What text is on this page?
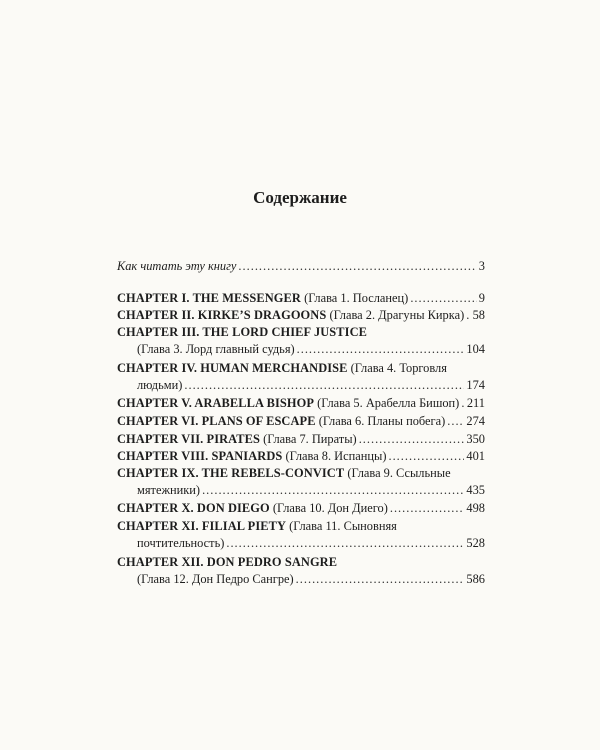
Содержание
Как читать эту книгу .....	3
CHAPTER I. THE MESSENGER
(Глава 1. Посланец) .....	9
CHAPTER II. KIRKE’S DRAGOONS
(Глава 2. Драгуны Кирка) ..... 58
CHAPTER III. THE LORD CHIEF JUSTICE
(Глава 3. Лорд главный судья) .....	104
CHAPTER IV. HUMAN MERCHANDISE
(Глава 4. Торговля
людьми) .....	174
CHAPTER V. ARABELLA BISHOP
(Глава 5. Арабелла Бишоп) ..... 211
CHAPTER VI. PLANS OF ESCAPE
(Глава 6. Планы побега) ..... 274
CHAPTER VII. PIRATES
(Глава 7. Пираты) .....	350
CHAPTER VIII. SPANIARDS
(Глава 8. Испанцы) .....	401
CHAPTER IX. THE REBELS-CONVICT
(Глава 9. Ссыльные
мятежники) .....	435
CHAPTER X. DON DIEGO
(Глава 10. Дон Диего) .....	498
CHAPTER XI. FILIAL PIETY
(Глава 11. Сыновняя
почтительность) .....	528
CHAPTER XII. DON PEDRO SANGRE
(Глава 12. Дон Педро Сангре) .....	586
